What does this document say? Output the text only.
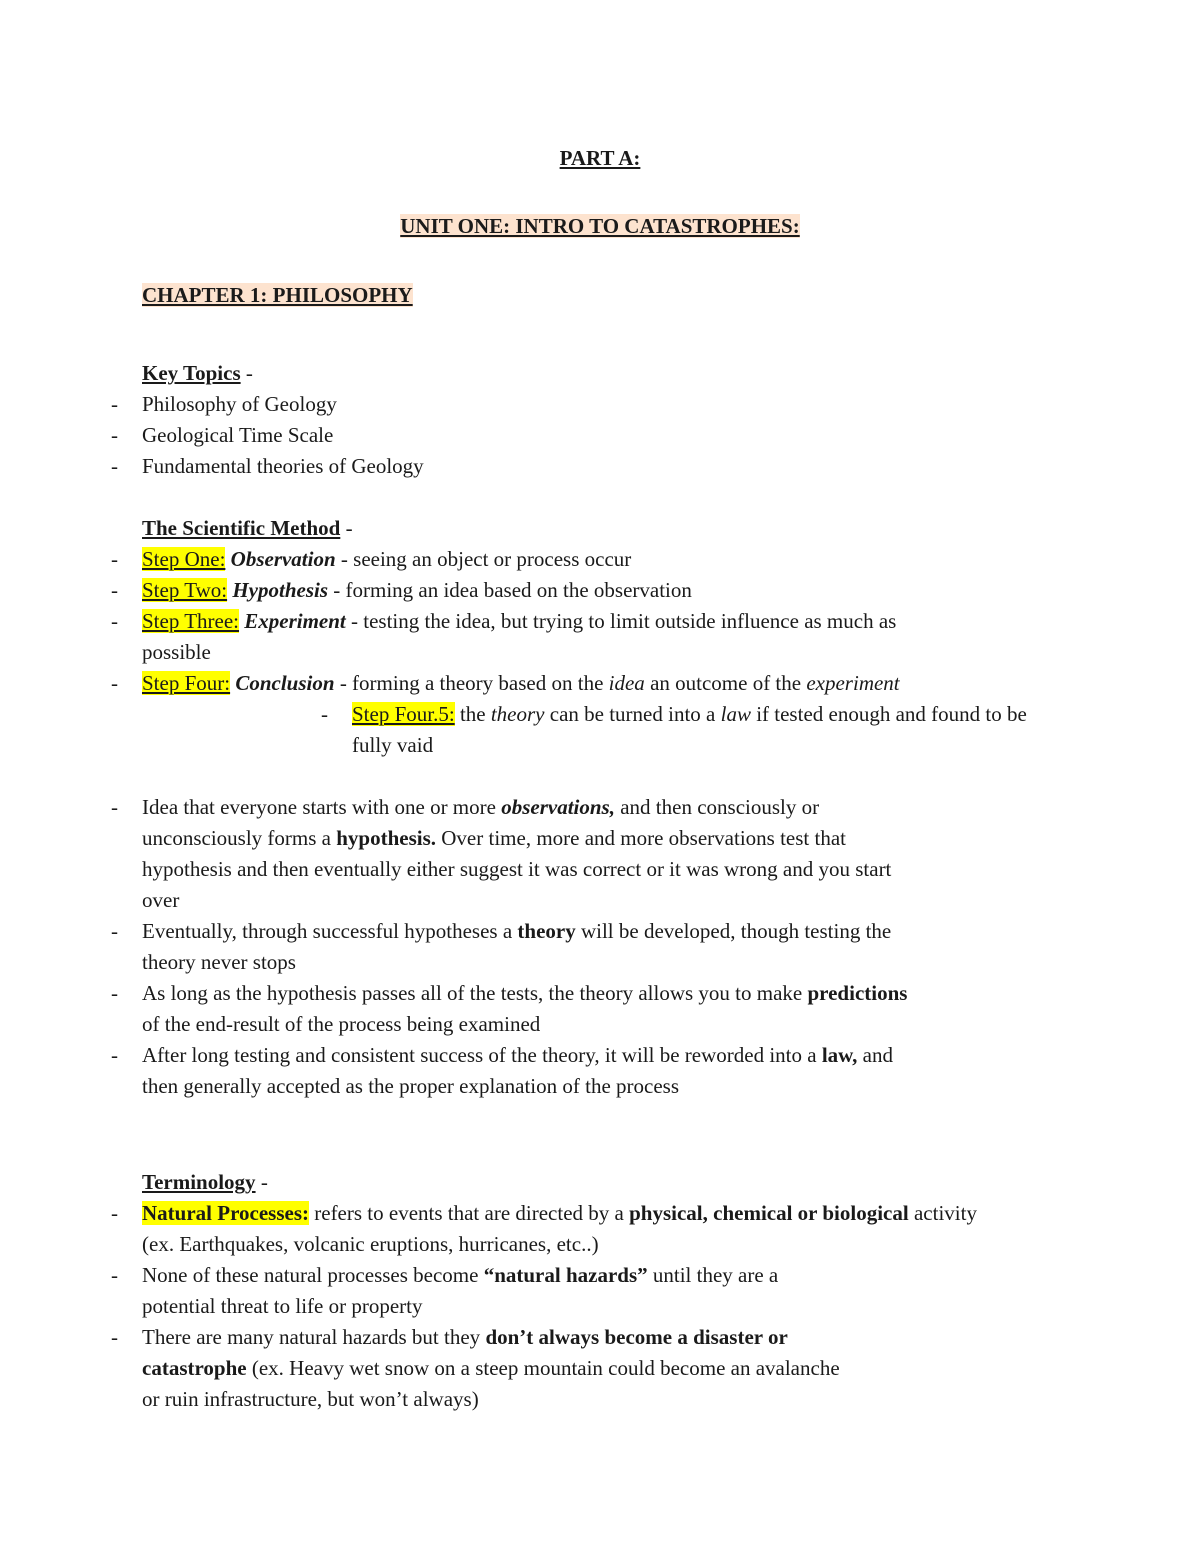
PART A:
UNIT ONE: INTRO TO CATASTROPHES:
CHAPTER 1: PHILOSOPHY
Key Topics -
- Philosophy of Geology
- Geological Time Scale
- Fundamental theories of Geology
The Scientific Method -
- Step One: Observation - seeing an object or process occur
- Step Two: Hypothesis - forming an idea based on the observation
- Step Three: Experiment - testing the idea, but trying to limit outside influence as much as possible
- Step Four: Conclusion - forming a theory based on the idea an outcome of the experiment
- Step Four.5: the theory can be turned into a law if tested enough and found to be fully vaid
- Idea that everyone starts with one or more observations, and then consciously or unconsciously forms a hypothesis. Over time, more and more observations test that hypothesis and then eventually either suggest it was correct or it was wrong and you start over
- Eventually, through successful hypotheses a theory will be developed, though testing the theory never stops
- As long as the hypothesis passes all of the tests, the theory allows you to make predictions of the end-result of the process being examined
- After long testing and consistent success of the theory, it will be reworded into a law, and then generally accepted as the proper explanation of the process
Terminology -
- Natural Processes: refers to events that are directed by a physical, chemical or biological activity (ex. Earthquakes, volcanic eruptions, hurricanes, etc..)
- None of these natural processes become “natural hazards” until they are a potential threat to life or property
- There are many natural hazards but they don’t always become a disaster or catastrophe (ex. Heavy wet snow on a steep mountain could become an avalanche or ruin infrastructure, but won’t always)
